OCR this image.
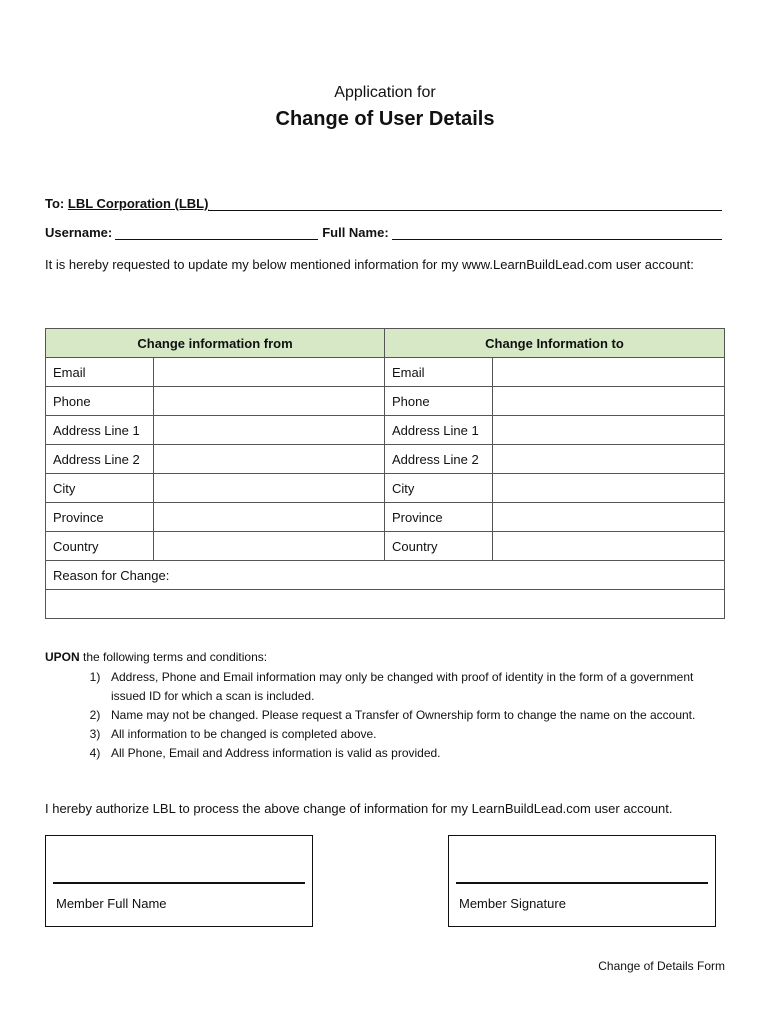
Application for
Change of User Details
To:
LBL Corporation (LBL)
Username:	Full Name:
It is hereby requested to update my below mentioned information for my www.LearnBuildLead.com user account:
Change information from		Change Information to	
Email		Email	
Phone		Phone	
Address Line 1		Address Line 1	
Address Line 2		Address Line 2	
City		City	
Province		Province	
Country		Country	
Reason for Change:			

UPON the following terms and conditions:
1. Address, Phone and Email information may only be changed with proof of identity in the form of a government issued ID for which a scan is included.
2. Name may not be changed. Please request a Transfer of Ownership form to change the name on the account.
3. All information to be changed is completed above.
4. All Phone, Email and Address information is valid as provided.
I hereby authorize LBL to process the above change of information for my LearnBuildLead.com user account.
Member Full Name	Member Signature
Change of Details Form
